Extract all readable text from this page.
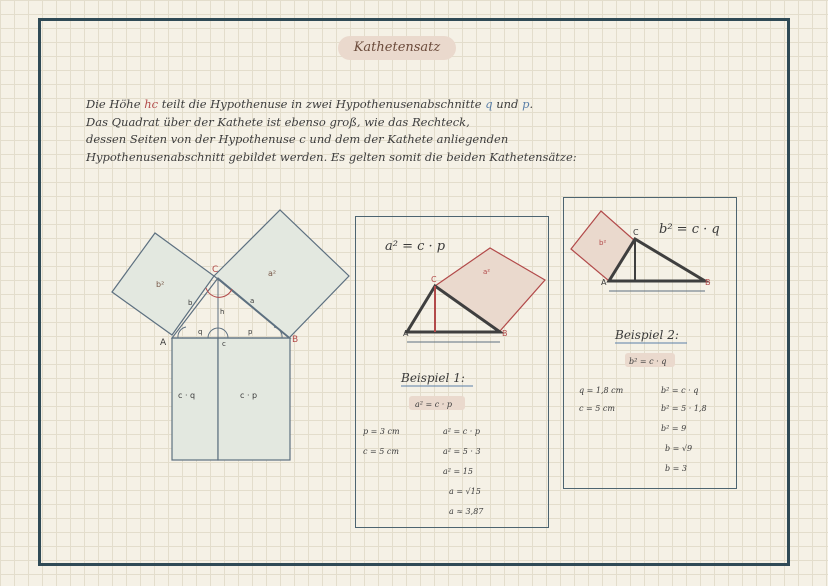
Kathetensatz
Die Höhe hc teilt die Hypothenuse in zwei Hypothenusenabschnitte q und p.
Das Quadrat über der Kathete ist ebenso groß, wie das Rechteck,
dessen Seiten von der Hypothenuse c und dem der Kathete anliegenden
Hypothenusenabschnitt gebildet werden. Es gelten somit die beiden Kathetensätze:
b²
a²
c · q	c · p
A	B
C
a
b
h
q	p
c
a² = c · p
a²
A	B
C
Beispiel 1:
a² = c · p
p = 3 cm
c = 5 cm
a² = c · p
a² = 5 · 3
a² = 15
a = √15
a ≈ 3,87
b² = c · q
b²
A	B
C
Beispiel 2:
b² = c · q
q = 1,8 cm
c = 5 cm
b² = c · q
b² = 5 · 1,8
b² = 9
b = √9
b = 3
